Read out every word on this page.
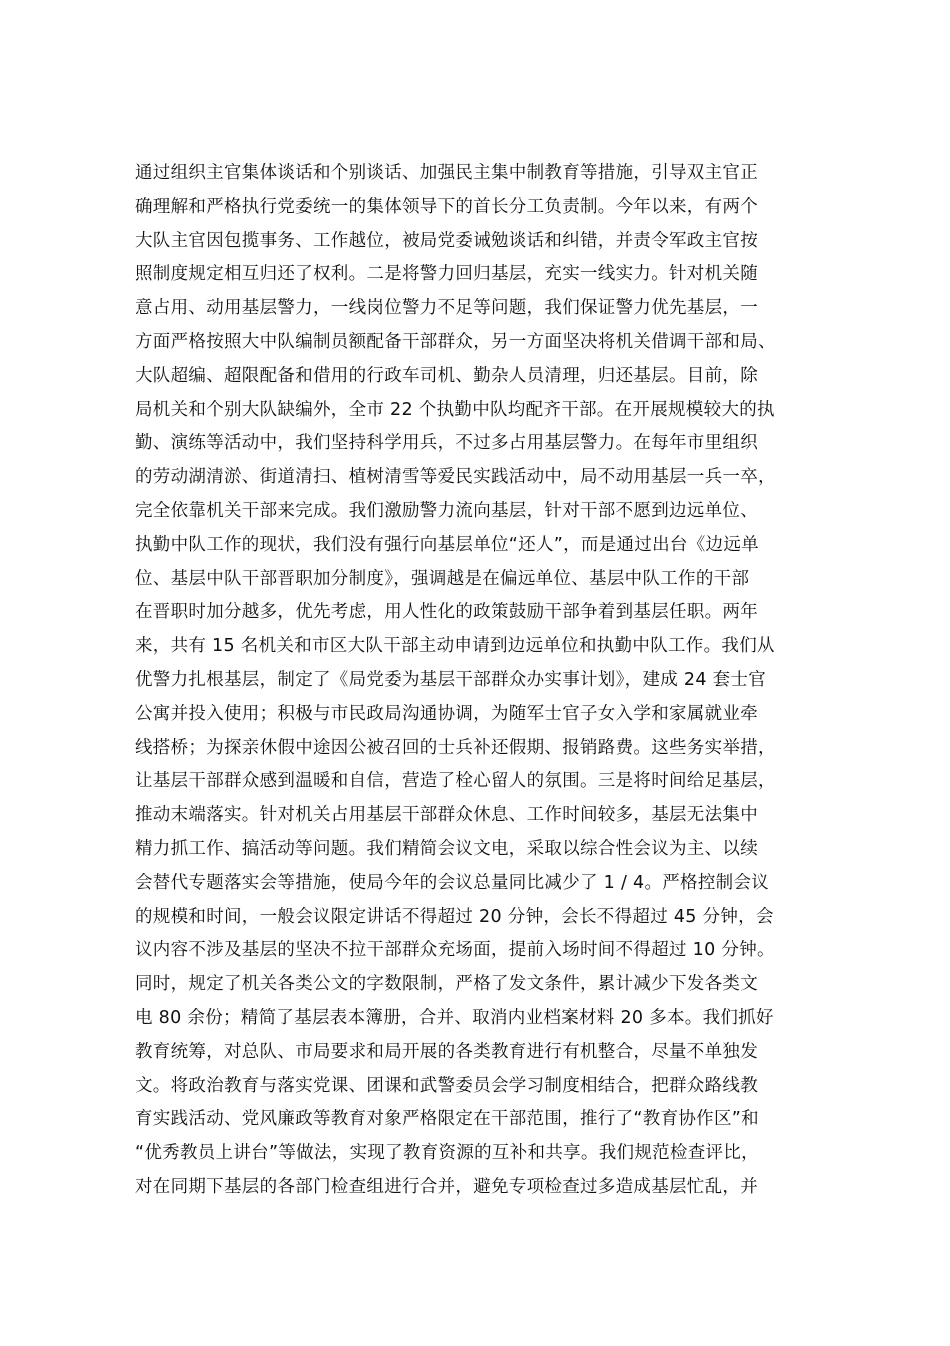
通过组织主官集体谈话和个别谈话、加强民主集中制教育等措施，引导双主官正
确理解和严格执行党委统一的集体领导下的首长分工负责制。今年以来，有两个
大队主官因包揽事务、工作越位，被局党委诫勉谈话和纠错，并责令军政主官按
照制度规定相互归还了权利。二是将警力回归基层，充实一线实力。针对机关随
意占用、动用基层警力，一线岗位警力不足等问题，我们保证警力优先基层，一
方面严格按照大中队编制员额配备干部群众，另一方面坚决将机关借调干部和局、
大队超编、超限配备和借用的行政车司机、勤杂人员清理，归还基层。目前，除
局机关和个别大队缺编外，全市 22 个执勤中队均配齐干部。在开展规模较大的执
勤、演练等活动中，我们坚持科学用兵，不过多占用基层警力。在每年市里组织
的劳动湖清淤、街道清扫、植树清雪等爱民实践活动中，局不动用基层一兵一卒，
完全依靠机关干部来完成。我们激励警力流向基层，针对干部不愿到边远单位、
执勤中队工作的现状，我们没有强行向基层单位“还人”，而是通过出台《边远单
位、基层中队干部晋职加分制度》，强调越是在偏远单位、基层中队工作的干部
在晋职时加分越多，优先考虑，用人性化的政策鼓励干部争着到基层任职。两年
来，共有 15 名机关和市区大队干部主动申请到边远单位和执勤中队工作。我们从
优警力扎根基层，制定了《局党委为基层干部群众办实事计划》，建成 24 套士官
公寓并投入使用；积极与市民政局沟通协调，为随军士官子女入学和家属就业牵
线搭桥；为探亲休假中途因公被召回的士兵补还假期、报销路费。这些务实举措，
让基层干部群众感到温暖和自信，营造了栓心留人的氛围。三是将时间给足基层，
推动末端落实。针对机关占用基层干部群众休息、工作时间较多，基层无法集中
精力抓工作、搞活动等问题。我们精简会议文电，采取以综合性会议为主、以续
会替代专题落实会等措施，使局今年的会议总量同比减少了 1 / 4。严格控制会议
的规模和时间，一般会议限定讲话不得超过 20 分钟，会长不得超过 45 分钟，会
议内容不涉及基层的坚决不拉干部群众充场面，提前入场时间不得超过 10 分钟。
同时，规定了机关各类公文的字数限制，严格了发文条件，累计减少下发各类文
电 80 余份；精简了基层表本簿册，合并、取消内业档案材料 20 多本。我们抓好
教育统筹，对总队、市局要求和局开展的各类教育进行有机整合，尽量不单独发
文。将政治教育与落实党课、团课和武警委员会学习制度相结合，把群众路线教
育实践活动、党风廉政等教育对象严格限定在干部范围，推行了“教育协作区”和
“优秀教员上讲台”等做法，实现了教育资源的互补和共享。我们规范检查评比，
对在同期下基层的各部门检查组进行合并，避免专项检查过多造成基层忙乱，并
